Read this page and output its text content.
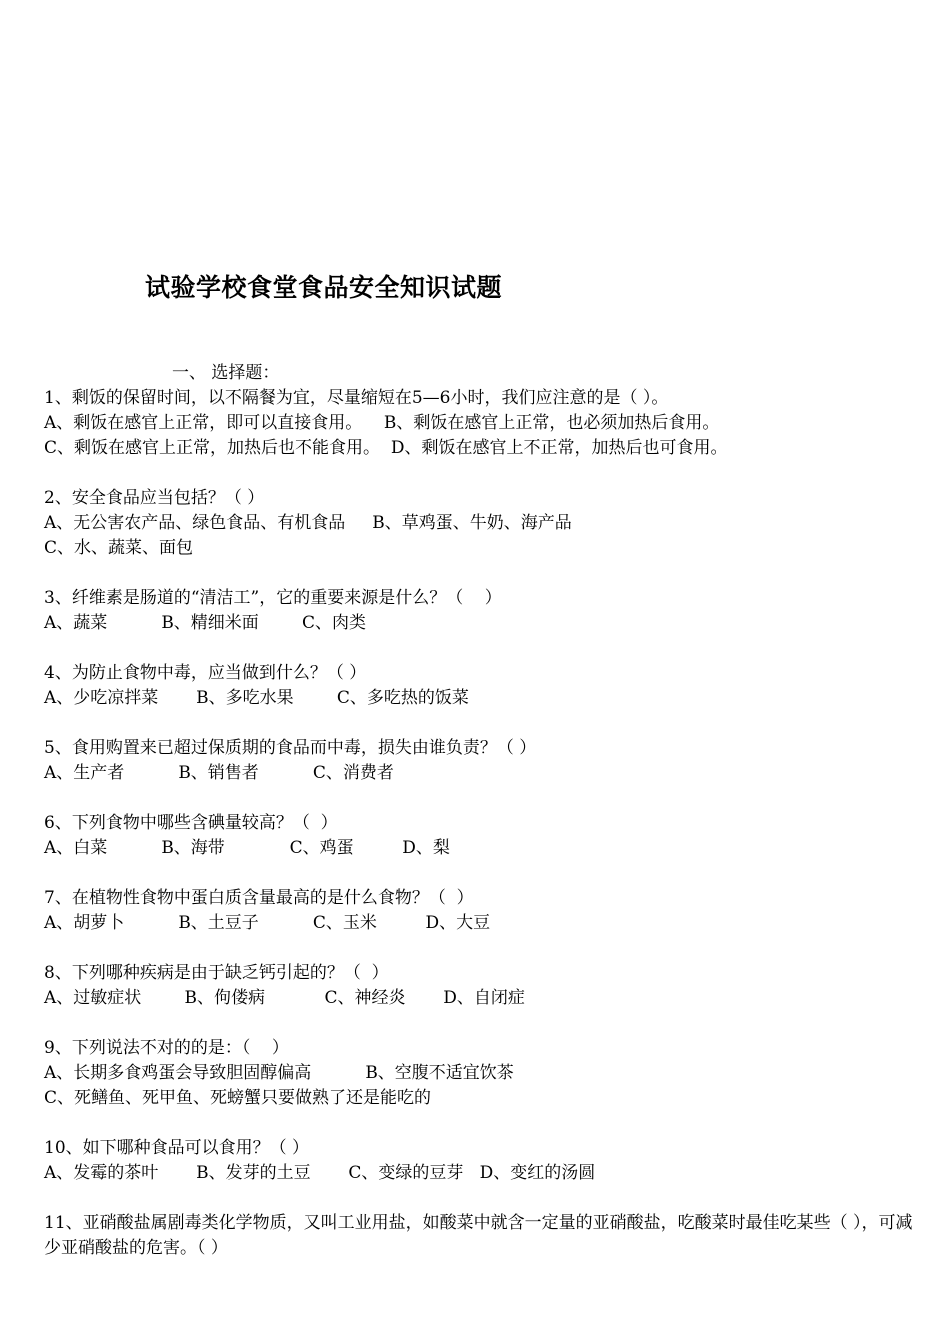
试验学校食堂食品安全知识试题
一、 选择题：
1、剩饭的保留时间，以不隔餐为宜，尽量缩短在5—6小时，我们应注意的是（ ）。
A、剩饭在感官上正常，即可以直接食用。    B、剩饭在感官上正常，也必须加热后食用。
C、剩饭在感官上正常，加热后也不能食用。  D、剩饭在感官上不正常，加热后也可食用。
2、安全食品应当包括？（ ）
A、无公害农产品、绿色食品、有机食品     B、草鸡蛋、牛奶、海产品
C、水、蔬菜、面包
3、纤维素是肠道的“清洁工”，它的重要来源是什么？（    ）
A、蔬菜          B、精细米面        C、肉类
4、为防止食物中毒，应当做到什么？（ ）
A、少吃凉拌菜       B、多吃水果        C、多吃热的饭菜
5、食用购置来已超过保质期的食品而中毒，损失由谁负责？（ ）
A、生产者          B、销售者          C、消费者
6、下列食物中哪些含碘量较高？（  ）
A、白菜          B、海带            C、鸡蛋         D、梨
7、在植物性食物中蛋白质含量最高的是什么食物？（  ）
A、胡萝卜          B、土豆子          C、玉米         D、大豆
8、下列哪种疾病是由于缺乏钙引起的？（  ）
A、过敏症状        B、佝偻病           C、神经炎       D、自闭症
9、下列说法不对的的是：（    ）
A、长期多食鸡蛋会导致胆固醇偏高          B、空腹不适宜饮茶
C、死鳝鱼、死甲鱼、死螃蟹只要做熟了还是能吃的
10、如下哪种食品可以食用？（ ）
A、发霉的茶叶       B、发芽的土豆       C、变绿的豆芽   D、变红的汤圆
11、亚硝酸盐属剧毒类化学物质，又叫工业用盐，如酸菜中就含一定量的亚硝酸盐，吃酸菜时最佳吃某些（ ），可减少亚硝酸盐的危害。（ ）
